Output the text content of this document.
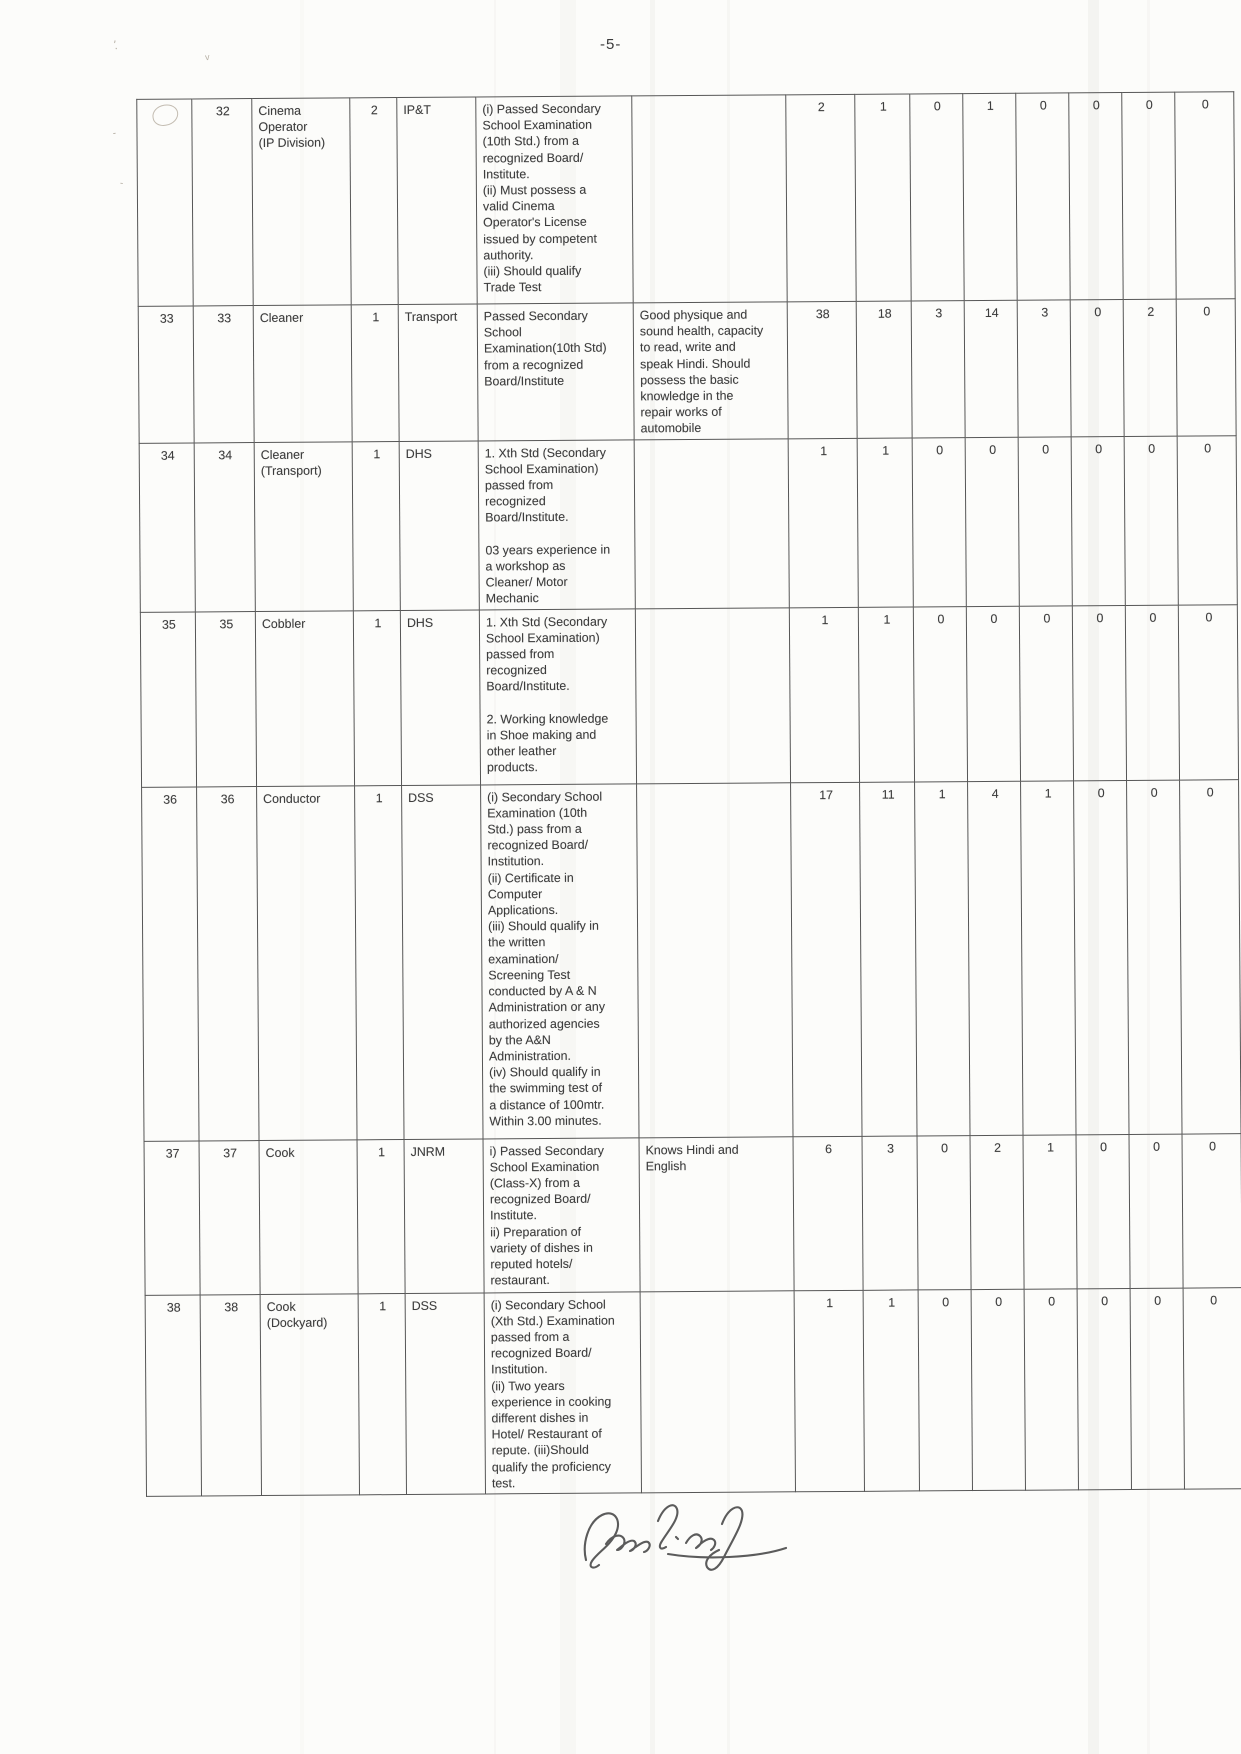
-5-
'.
v
'
-
	32	Cinema
Operator
(IP Division)	2	IP&T	(i) Passed Secondary
School Examination
(10th Std.) from a
recognized Board/
Institute.
(ii) Must possess a
valid Cinema
Operator's License
issued by competent
authority.
(iii) Should qualify
Trade Test		2	1	0	1	0	0	0	0
33	33	Cleaner	1	Transport	Passed Secondary
School
Examination(10th Std)
from a recognized
Board/Institute	Good physique and
sound health, capacity
to read, write and
speak Hindi. Should
possess the basic
knowledge in the
repair works of
automobile	38	18	3	14	3	0	2	0
34	34	Cleaner
(Transport)	1	DHS	1. Xth Std (Secondary
School Examination)
passed from
recognized
Board/Institute.

03 years experience in
a workshop as
Cleaner/ Motor
Mechanic		1	1	0	0	0	0	0	0
35	35	Cobbler	1	DHS	1. Xth Std (Secondary
School Examination)
passed from
recognized
Board/Institute.

2. Working knowledge
in Shoe making and
other leather
products.		1	1	0	0	0	0	0	0
36	36	Conductor	1	DSS	(i) Secondary School
Examination (10th
Std.) pass from a
recognized Board/
Institution.
(ii) Certificate in
Computer
Applications.
(iii) Should qualify in
the written
examination/
Screening Test
conducted by A & N
Administration or any
authorized agencies
by the A&N
Administration.
(iv) Should qualify in
the swimming test of
a distance of 100mtr.
Within 3.00 minutes.		17	11	1	4	1	0	0	0
37	37	Cook	1	JNRM	i) Passed Secondary
School Examination
(Class-X) from a
recognized Board/
Institute.
ii) Preparation of
variety of dishes in
reputed hotels/
restaurant.	Knows Hindi and
English	6	3	0	2	1	0	0	0
38	38	Cook
(Dockyard)	1	DSS	(i) Secondary School
(Xth Std.) Examination
passed from a
recognized Board/
Institution.
(ii) Two years
experience in cooking
different dishes in
Hotel/ Restaurant of
repute. (iii)Should
qualify the proficiency
test.		1	1	0	0	0	0	0	0
